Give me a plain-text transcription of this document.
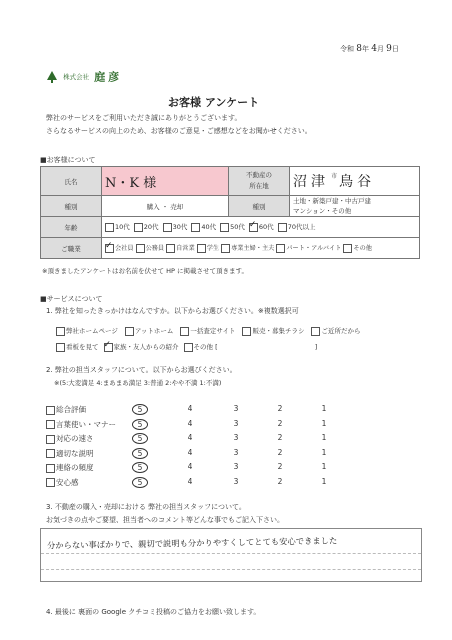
令和 8年 4月 9日
株式会社 庭彦
お客様 アンケート
弊社のサービスをご利用いただき誠にありがとうございます。
さらなるサービスの向上のため、お客様のご意見・ご感想などをお聞かせください。
■お客様について
氏名	N・K 様	不動産の
所在地	沼津 市 鳥谷
種別	購入 ・ 売却	種別	土地・新築戸建・中古戸建
マンション・その他
年齢	10代 20代 30代 40代 50代 ✓ 60代 70代以上
ご職業	✓会社員 公務員 自営業 学生 専業主婦・主夫 パート・アルバイト その他
※頂きましたアンケートはお名前を伏せて HP に掲載させて頂きます。
■サービスについて
1. 弊社を知ったきっかけはなんですか。以下からお選びください。※複数選択可
弊社ホームページ	アットホーム	一括査定サイト	販売・募集チラシ	ご近所だから
看板を見て ✓ 家族・友人からの紹介 その他 [	]
2. 弊社の担当スタッフについて。以下からお選びください。
※(5:大変満足 4:まあまあ満足 3:普通 2:やや不満 1:不満)
総合評価	5	4	3	2	1
言葉使い・マナー	5	4	3	2	1
対応の速さ	5	4	3	2	1
適切な説明	5	4	3	2	1
連絡の頻度	5	4	3	2	1
安心感	5	4	3	2	1
3. 不動産の購入・売却における 弊社の担当スタッフについて。
お気づきの点やご要望、担当者へのコメント等どんな事でもご記入下さい。
分からない事ばかりで、親切で説明も分かりやすくしてとても安心できました
4. 最後に 裏面の Google クチコミ投稿のご協力をお願い致します。
